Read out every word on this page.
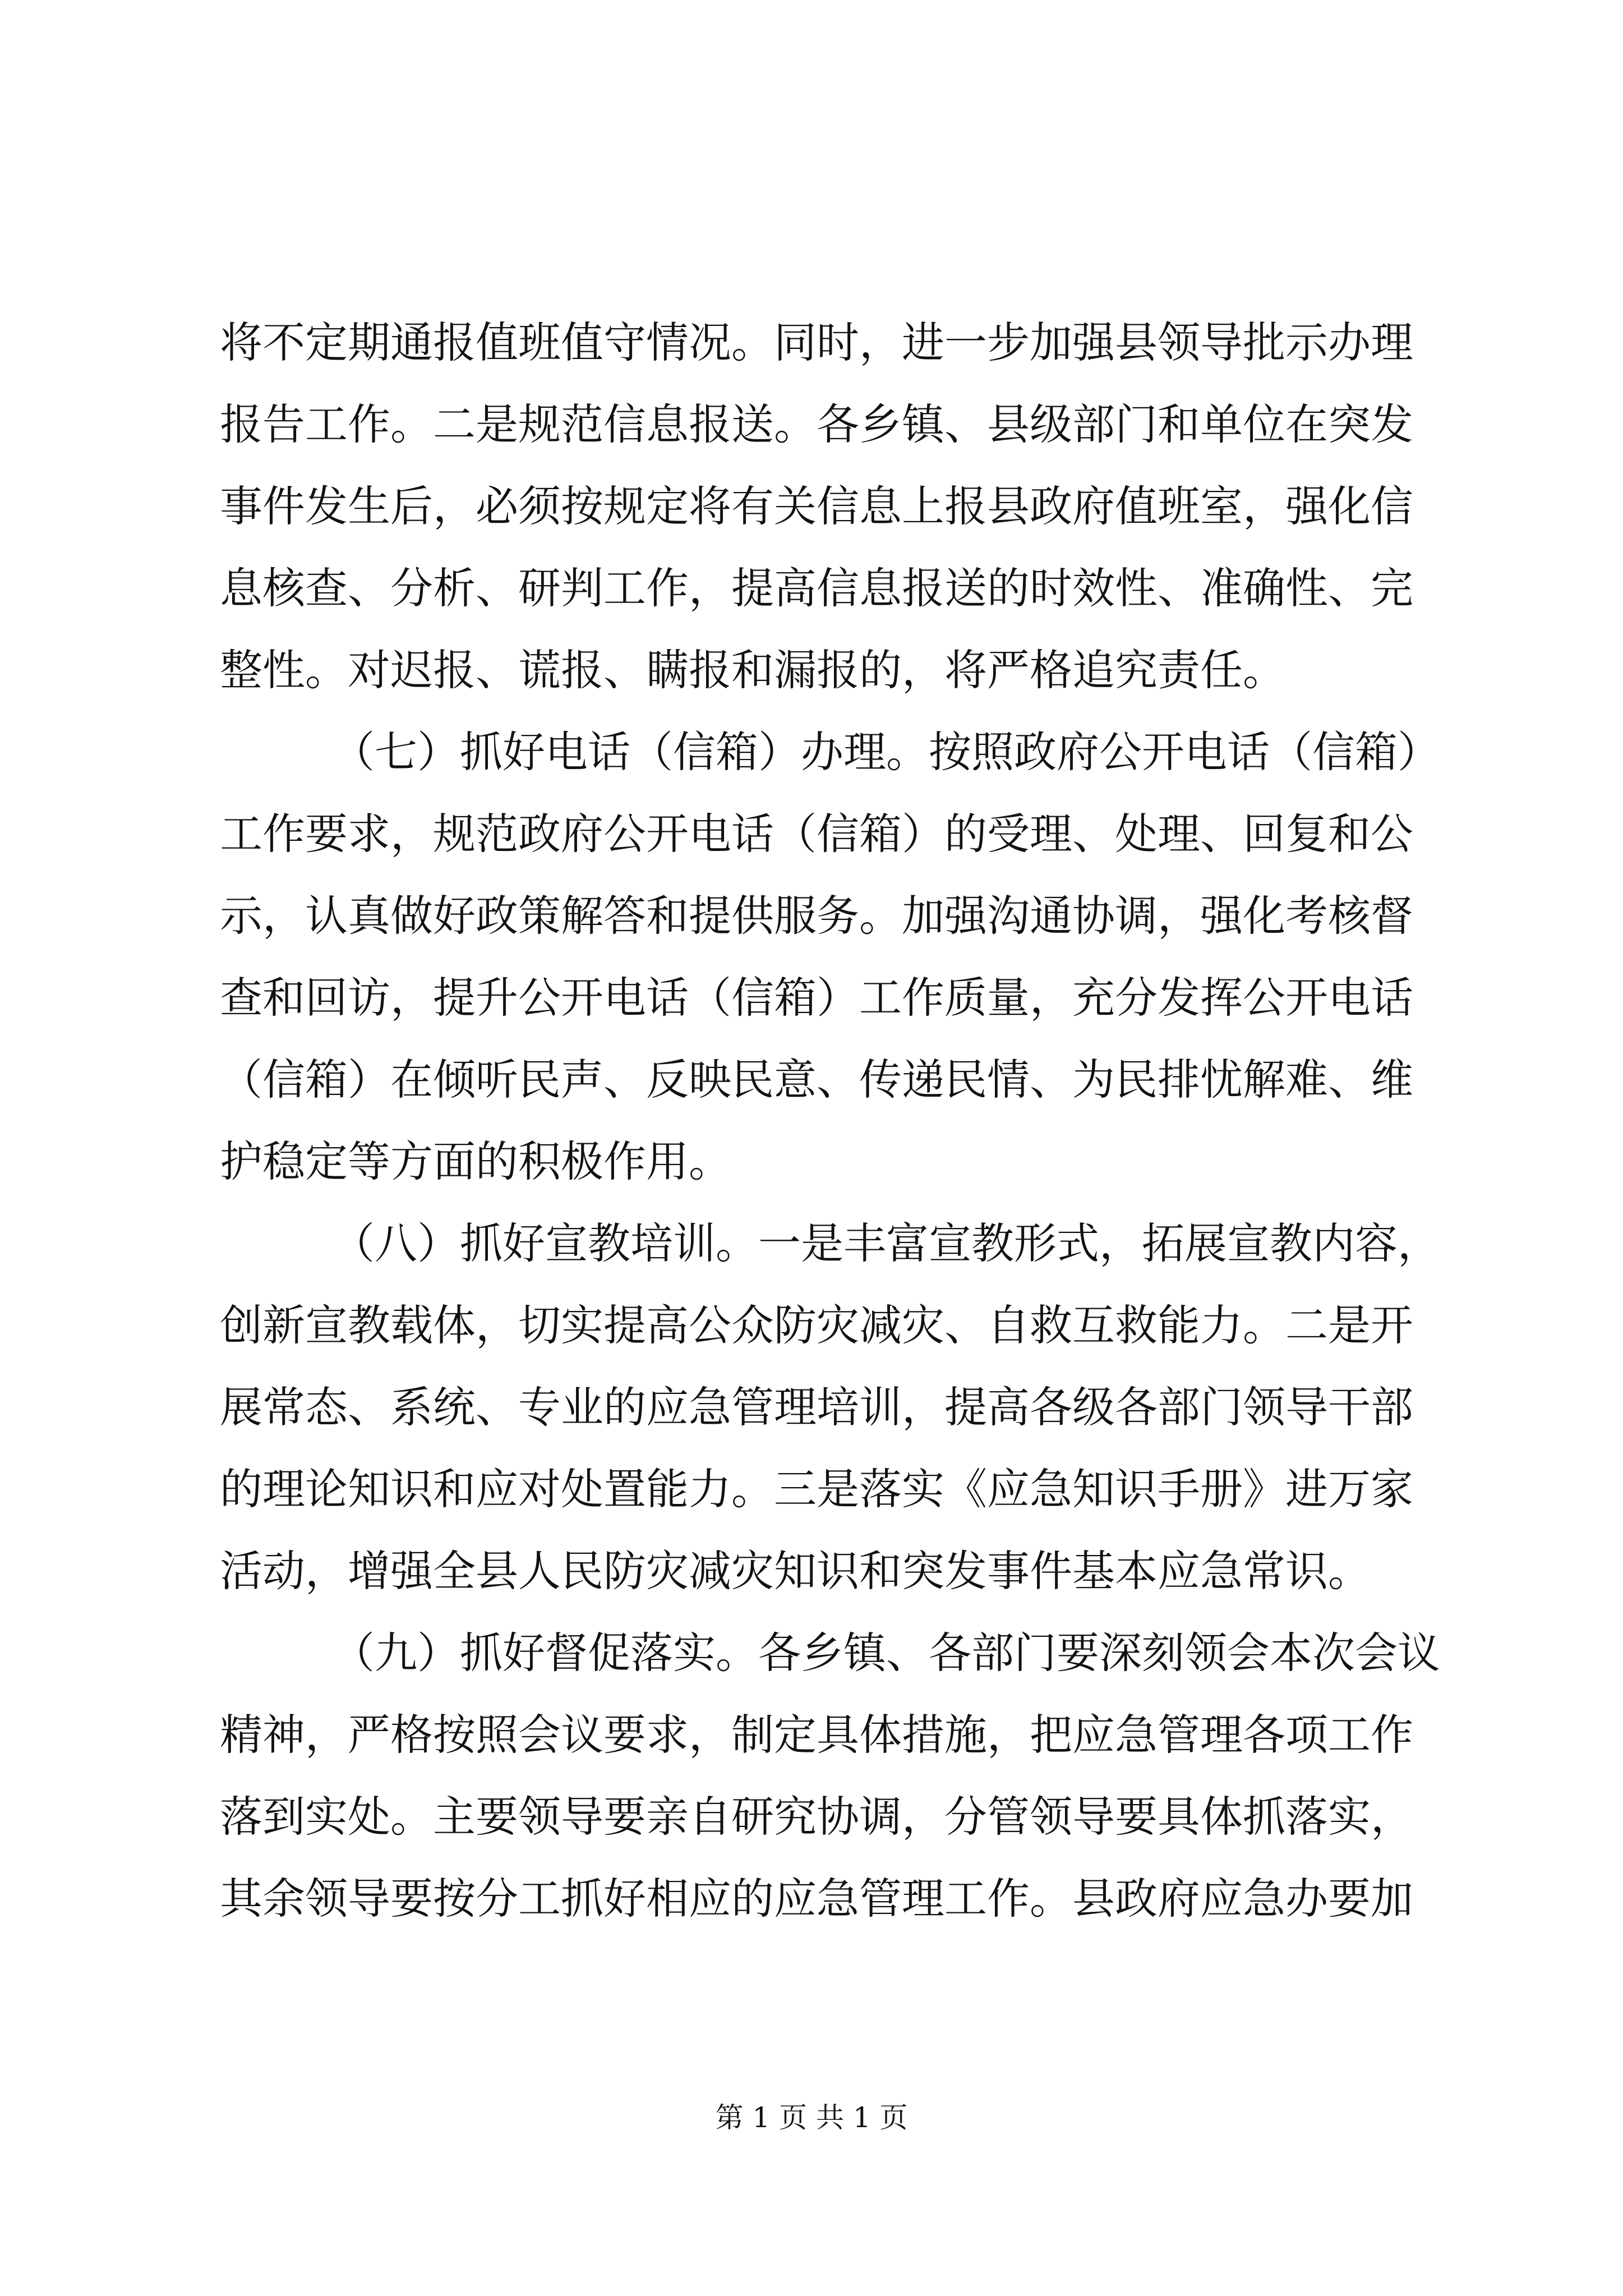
将不定期通报值班值守情况。同时，进一步加强县领导批示办理
报告工作。二是规范信息报送。各乡镇、县级部门和单位在突发
事件发生后，必须按规定将有关信息上报县政府值班室，强化信
息核查、分析、研判工作，提高信息报送的时效性、准确性、完
整性。对迟报、谎报、瞒报和漏报的，将严格追究责任。
（七）抓好电话（信箱）办理。按照政府公开电话（信箱）
工作要求，规范政府公开电话（信箱）的受理、处理、回复和公
示，认真做好政策解答和提供服务。加强沟通协调，强化考核督
查和回访，提升公开电话（信箱）工作质量，充分发挥公开电话
（信箱）在倾听民声、反映民意、传递民情、为民排忧解难、维
护稳定等方面的积极作用。
（八）抓好宣教培训。一是丰富宣教形式，拓展宣教内容，
创新宣教载体，切实提高公众防灾减灾、自救互救能力。二是开
展常态、系统、专业的应急管理培训，提高各级各部门领导干部
的理论知识和应对处置能力。三是落实《应急知识手册》进万家
活动，增强全县人民防灾减灾知识和突发事件基本应急常识。
（九）抓好督促落实。各乡镇、各部门要深刻领会本次会议
精神，严格按照会议要求，制定具体措施，把应急管理各项工作
落到实处。主要领导要亲自研究协调，分管领导要具体抓落实，
其余领导要按分工抓好相应的应急管理工作。县政府应急办要加
第 1 页 共 1 页
